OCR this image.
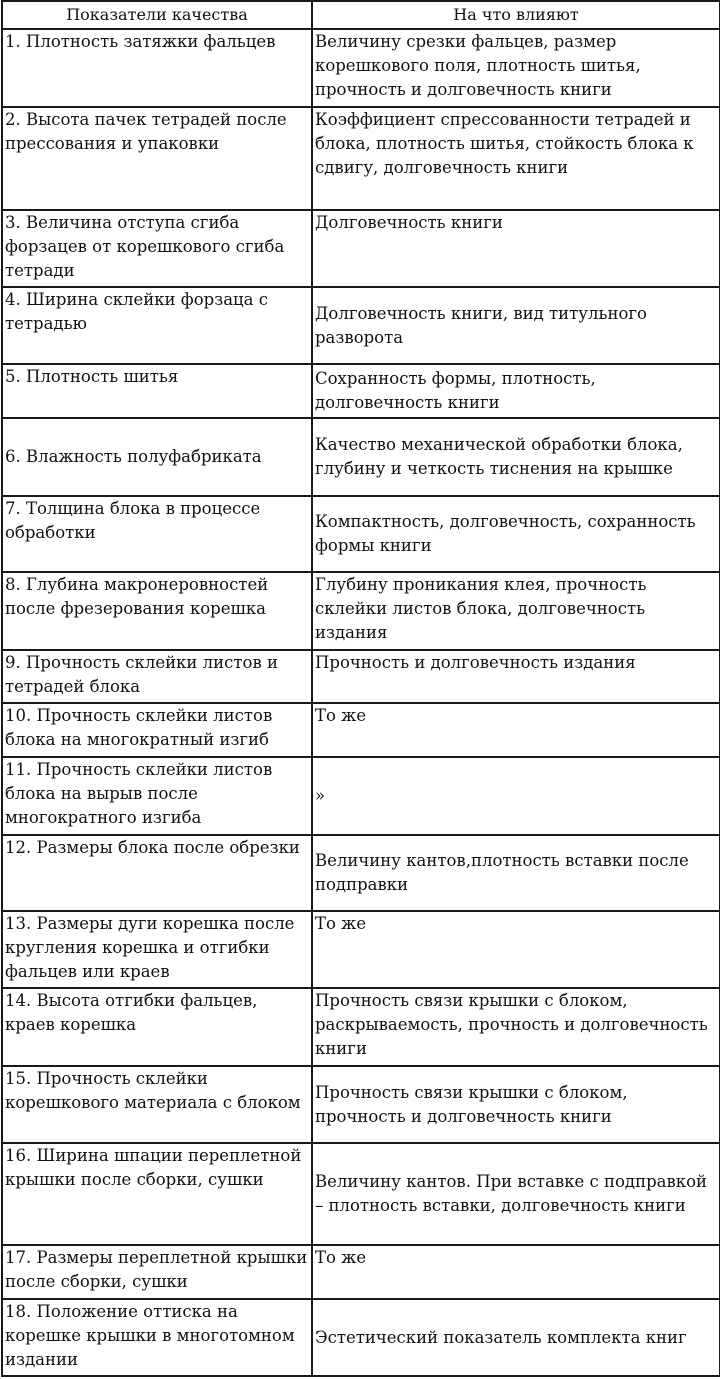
Показатели качества	На что влияют
1. Плотность затяжки фальцев	Величину срезки фальцев, размер корешкового поля, плотность шитья, прочность и долговечность книги
2. Высота пачек тетрадей после прессования и упаковки	Коэффициент спрессованности тетрадей и блока, плотность шитья, стойкость блока к сдвигу, долговечность книги
3. Величина отступа сгиба форзацев от корешкового сгиба тетради	Долговечность книги
4. Ширина склейки форзаца с тетрадью	Долговечность книги, вид титульного разворота
5. Плотность шитья	Сохранность формы, плотность, долговечность книги
6. Влажность полуфабриката	Качество механической обработки блока, глубину и четкость тиснения на крышке
7. Толщина блока в процессе обработки	Компактность, долговечность, сохранность формы книги
8. Глубина макронеровностей после фрезерования корешка	Глубину проникания клея, прочность склейки листов блока, долговечность издания
9. Прочность склейки листов и тетрадей блока	Прочность и долговечность издания
10. Прочность склейки листов блока на многократный изгиб	То же
11. Прочность склейки листов блока на вырыв после многократного изгиба	»
12. Размеры блока после обрезки	Величину кантов,плотность вставки после подправки
13. Размеры дуги корешка после кругления корешка и отгибки фальцев или краев	То же
14. Высота отгибки фальцев, краев корешка	Прочность связи крышки с блоком, раскрываемость, прочность и долговечность книги
15. Прочность склейки корешкового материала с блоком	Прочность связи крышки с блоком, прочность и долговечность книги
16. Ширина шпации переплетной крышки после сборки, сушки	Величину кантов. При вставке с подправкой – плотность вставки, долговечность книги
17. Размеры переплетной крышки после сборки, сушки	То же
18. Положение оттиска на корешке крышки в многотомном издании	Эстетический показатель комплекта книг
